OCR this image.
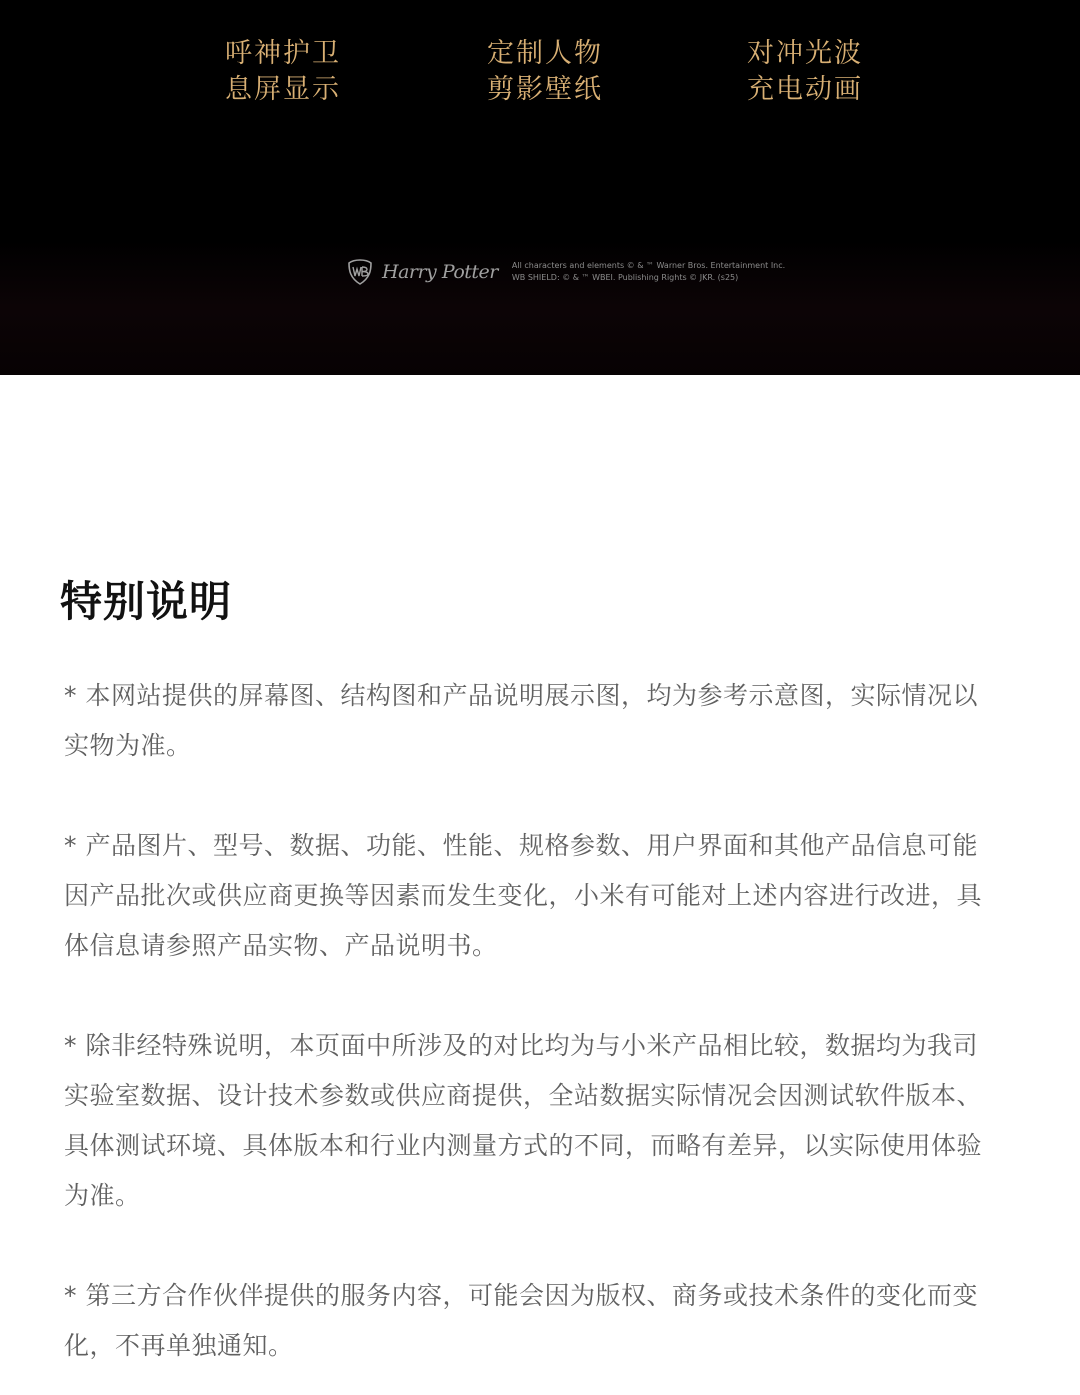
呼神护卫
息屏显示
定制人物
剪影壁纸
对冲光波
充电动画
Harry Potter All characters and elements © & ™ Warner Bros. Entertainment Inc.
WB SHIELD: © & ™ WBEI. Publishing Rights © JKR. (s25)
特别说明

* 本网站提供的屏幕图、结构图和产品说明展示图，均为参考示意图，实际情况以实物为准。

* 产品图片、型号、数据、功能、性能、规格参数、用户界面和其他产品信息可能因产品批次或供应商更换等因素而发生变化，小米有可能对上述内容进行改进，具体信息请参照产品实物、产品说明书。

* 除非经特殊说明，本页面中所涉及的对比均为与小米产品相比较，数据均为我司实验室数据、设计技术参数或供应商提供，全站数据实际情况会因测试软件版本、具体测试环境、具体版本和行业内测量方式的不同，而略有差异，以实际使用体验为准。

* 第三方合作伙伴提供的服务内容，可能会因为版权、商务或技术条件的变化而变化，不再单独通知。
